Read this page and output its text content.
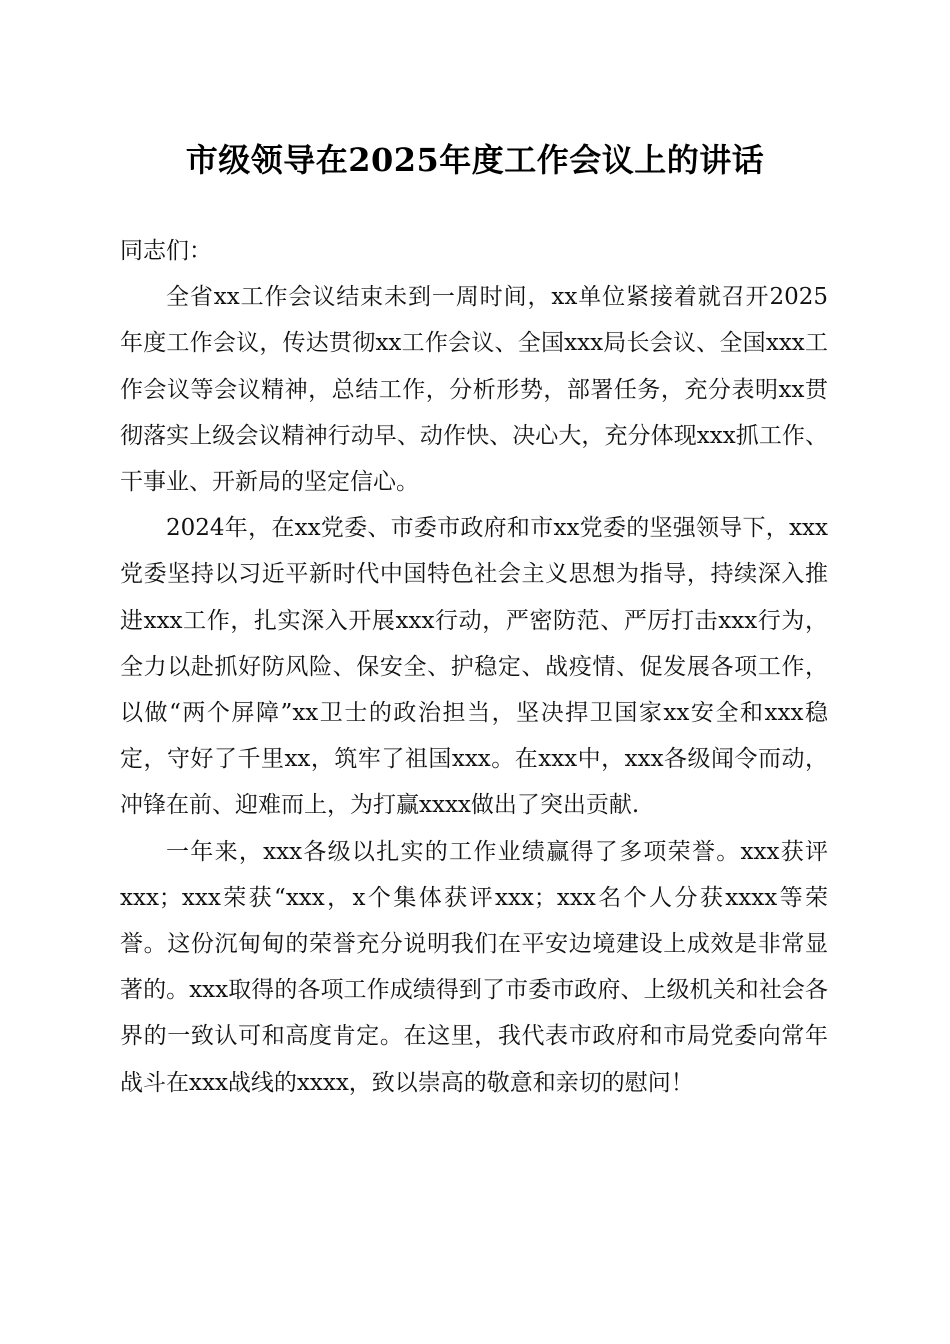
市级领导在2025年度工作会议上的讲话

同志们：

全省xx工作会议结束未到一周时间，xx单位紧接着就召开2025年度工作会议，传达贯彻xx工作会议、全国xxx局长会议、全国xxx工作会议等会议精神，总结工作，分析形势，部署任务，充分表明xx贯彻落实上级会议精神行动早、动作快、决心大，充分体现xxx抓工作、干事业、开新局的坚定信心。

2024年，在xx党委、市委市政府和市xx党委的坚强领导下，xxx党委坚持以习近平新时代中国特色社会主义思想为指导，持续深入推进xxx工作，扎实深入开展xxx行动，严密防范、严厉打击xxx行为，全力以赴抓好防风险、保安全、护稳定、战疫情、促发展各项工作，以做“两个屏障”xx卫士的政治担当，坚决捍卫国家xx安全和xxx稳定，守好了千里xx，筑牢了祖国xxx。在xxx中，xxx各级闻令而动，冲锋在前、迎难而上，为打赢xxxx做出了突出贡献.

一年来，xxx各级以扎实的工作业绩赢得了多项荣誉。xxx获评xxx；xxx荣获“xxx，x个集体获评xxx；xxx名个人分获xxxx等荣誉。这份沉甸甸的荣誉充分说明我们在平安边境建设上成效是非常显著的。xxx取得的各项工作成绩得到了市委市政府、上级机关和社会各界的一致认可和高度肯定。在这里，我代表市政府和市局党委向常年战斗在xxx战线的xxxx，致以崇高的敬意和亲切的慰问！
